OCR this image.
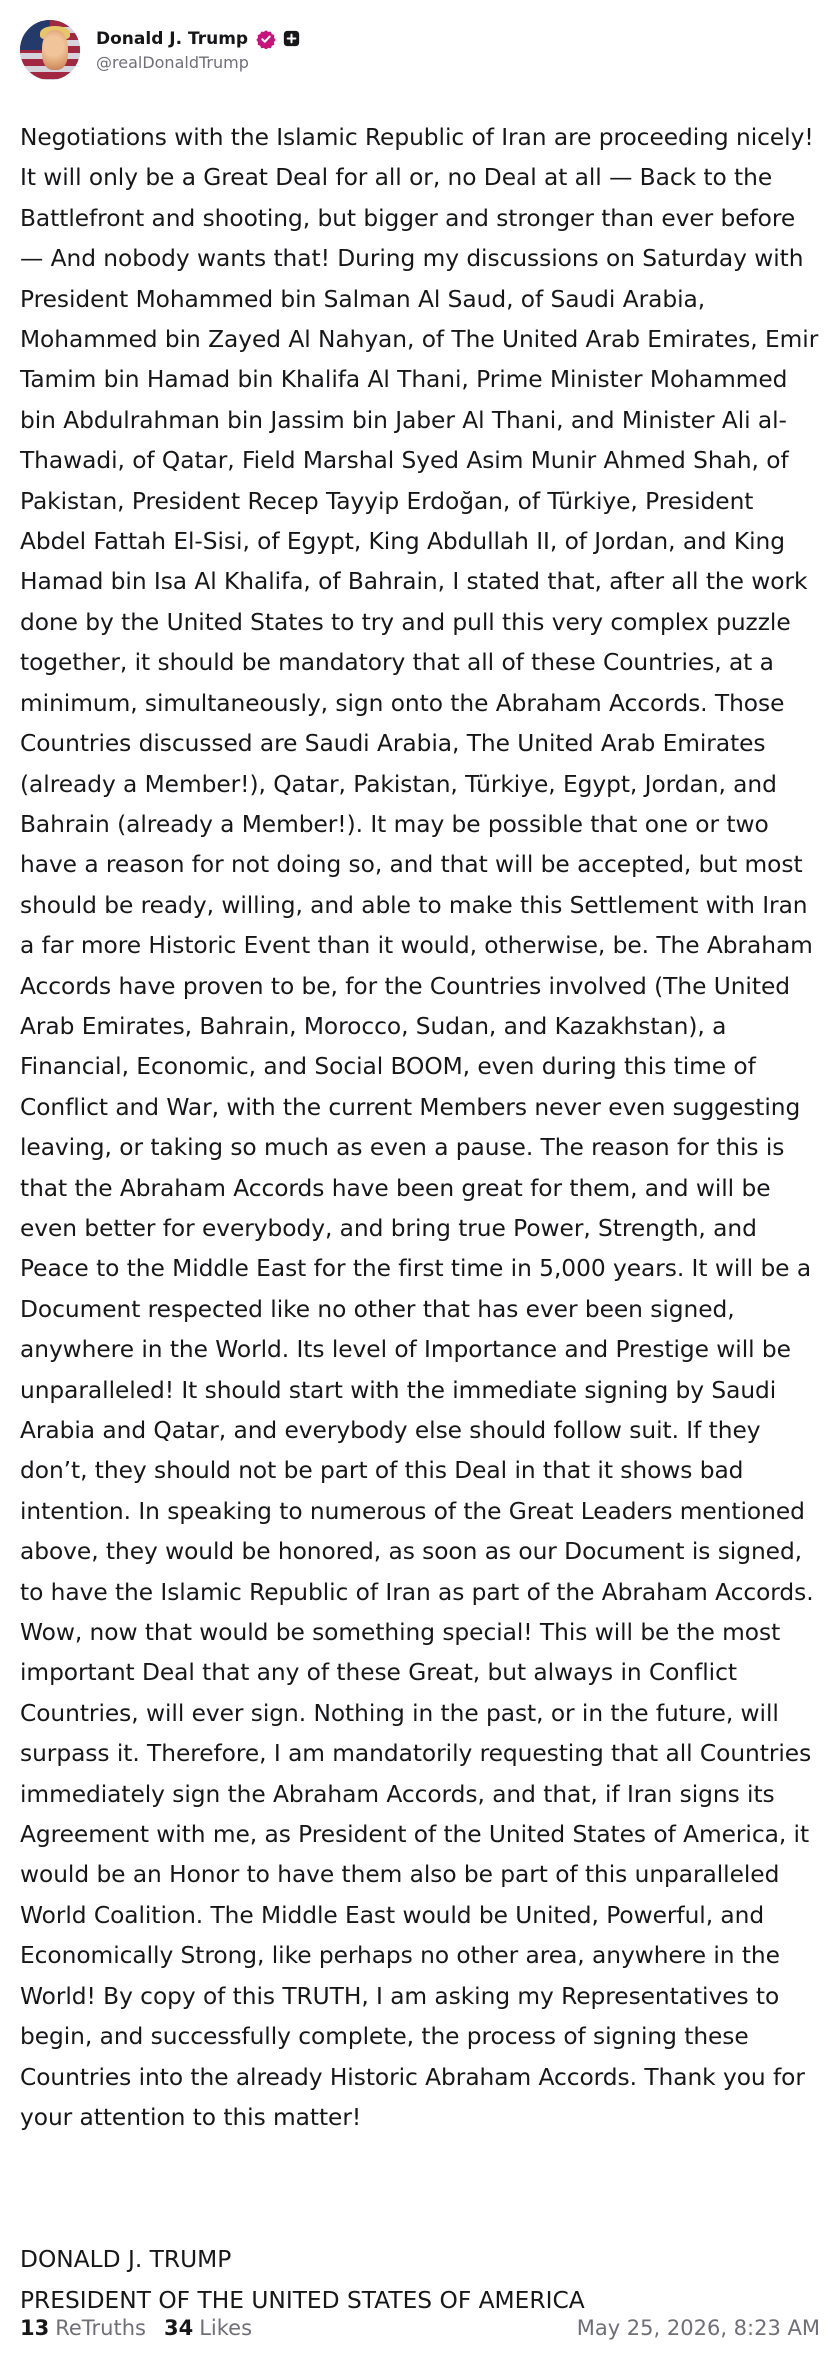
Donald J. Trump
@realDonaldTrump
Negotiations with the Islamic Republic of Iran are proceeding nicely! It will only be a Great Deal for all or, no Deal at all — Back to the Battlefront and shooting, but bigger and stronger than ever before — And nobody wants that! During my discussions on Saturday with President Mohammed bin Salman Al Saud, of Saudi Arabia, Mohammed bin Zayed Al Nahyan, of The United Arab Emirates, Emir Tamim bin Hamad bin Khalifa Al Thani, Prime Minister Mohammed bin Abdulrahman bin Jassim bin Jaber Al Thani, and Minister Ali al-Thawadi, of Qatar, Field Marshal Syed Asim Munir Ahmed Shah, of Pakistan, President Recep Tayyip Erdoğan, of Türkiye, President Abdel Fattah El-Sisi, of Egypt, King Abdullah II, of Jordan, and King Hamad bin Isa Al Khalifa, of Bahrain, I stated that, after all the work done by the United States to try and pull this very complex puzzle together, it should be mandatory that all of these Countries, at a minimum, simultaneously, sign onto the Abraham Accords. Those Countries discussed are Saudi Arabia, The United Arab Emirates (already a Member!), Qatar, Pakistan, Türkiye, Egypt, Jordan, and Bahrain (already a Member!). It may be possible that one or two have a reason for not doing so, and that will be accepted, but most should be ready, willing, and able to make this Settlement with Iran a far more Historic Event than it would, otherwise, be. The Abraham Accords have proven to be, for the Countries involved (The United Arab Emirates, Bahrain, Morocco, Sudan, and Kazakhstan), a Financial, Economic, and Social BOOM, even during this time of Conflict and War, with the current Members never even suggesting leaving, or taking so much as even a pause. The reason for this is that the Abraham Accords have been great for them, and will be even better for everybody, and bring true Power, Strength, and Peace to the Middle East for the first time in 5,000 years. It will be a Document respected like no other that has ever been signed, anywhere in the World. Its level of Importance and Prestige will be unparalleled! It should start with the immediate signing by Saudi Arabia and Qatar, and everybody else should follow suit. If they don’t, they should not be part of this Deal in that it shows bad intention. In speaking to numerous of the Great Leaders mentioned above, they would be honored, as soon as our Document is signed, to have the Islamic Republic of Iran as part of the Abraham Accords. Wow, now that would be something special! This will be the most important Deal that any of these Great, but always in Conflict Countries, will ever sign. Nothing in the past, or in the future, will surpass it. Therefore, I am mandatorily requesting that all Countries immediately sign the Abraham Accords, and that, if Iran signs its Agreement with me, as President of the United States of America, it would be an Honor to have them also be part of this unparalleled World Coalition. The Middle East would be United, Powerful, and Economically Strong, like perhaps no other area, anywhere in the World! By copy of this TRUTH, I am asking my Representatives to begin, and successfully complete, the process of signing these Countries into the already Historic Abraham Accords. Thank you for your attention to this matter!
DONALD J. TRUMP
PRESIDENT OF THE UNITED STATES OF AMERICA
13 ReTruths 34 Likes	May 25, 2026, 8:23 AM
